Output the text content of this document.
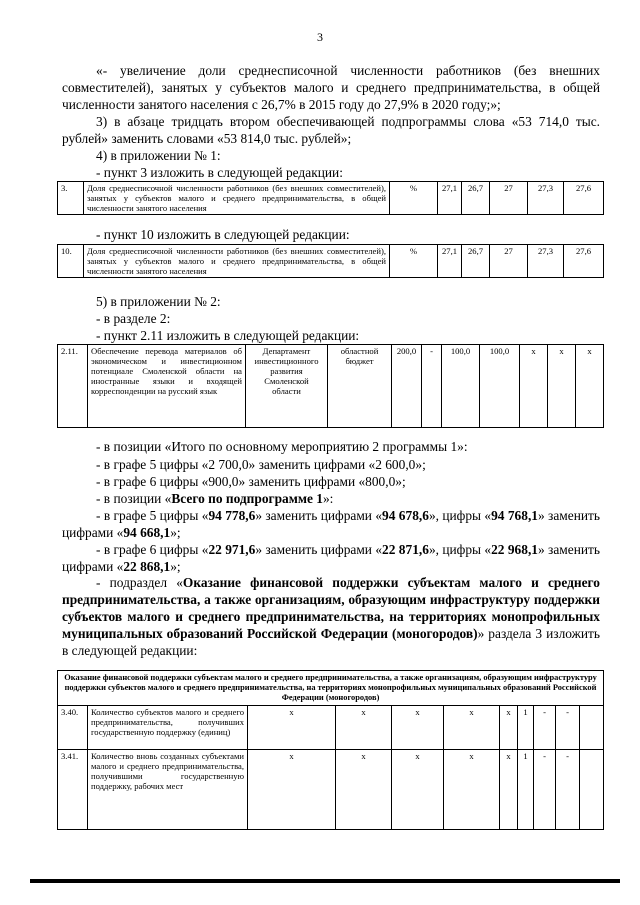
3
«- увеличение доли среднесписочной численности работников (без внешних совместителей), занятых у субъектов малого и среднего предпринимательства, в общей численности занятого населения с 26,7% в 2015 году до 27,9% в 2020 году;»;
3) в абзаце тридцать втором обеспечивающей подпрограммы слова «53 714,0 тыс. рублей» заменить словами «53 814,0 тыс. рублей»;
4) в приложении № 1:
- пункт 3 изложить в следующей редакции:
3.	Доля среднесписочной численности работников (без внешних совместителей), занятых у субъектов малого и среднего предпринимательства, в общей численности занятого населения	%	27,1	26,7	27	27,3	27,6
- пункт 10 изложить в следующей редакции:
10.	Доля среднесписочной численности работников (без внешних совместителей), занятых у субъектов малого и среднего предпринимательства, в общей численности занятого населения	%	27,1	26,7	27	27,3	27,6
5) в приложении № 2:
- в разделе 2:
- пункт 2.11 изложить в следующей редакции:
2.11.	Обеспечение перевода материалов об экономическом и инвестиционном потенциале Смоленской области на иностранные языки и входящей корреспонденции на русский язык	Департамент инвестиционного развития Смоленской области	областной бюджет	200,0	-	100,0	100,0	x	x	x
- в позиции «Итого по основному мероприятию 2 программы 1»:
- в графе 5 цифры «2 700,0» заменить цифрами «2 600,0»;
- в графе 6 цифры «900,0» заменить цифрами «800,0»;
- в позиции «Всего по подпрограмме 1»:
- в графе 5 цифры «94 778,6» заменить цифрами «94 678,6», цифры «94 768,1» заменить цифрами «94 668,1»;
- в графе 6 цифры «22 971,6» заменить цифрами «22 871,6», цифры «22 968,1» заменить цифрами «22 868,1»;
- подраздел «Оказание финансовой поддержки субъектам малого и среднего предпринимательства, а также организациям, образующим инфраструктуру поддержки субъектов малого и среднего предпринимательства, на территориях монопрофильных муниципальных образований Российской Федерации (моногородов)» раздела 3 изложить в следующей редакции:
Оказание финансовой поддержки субъектам малого и среднего предпринимательства, а также организациям, образующим инфраструктуру поддержки субъектов малого и среднего предпринимательства, на территориях монопрофильных муниципальных образований Российской Федерации (моногородов)										
3.40.	Количество субъектов малого и среднего предпринимательства, получивших государственную поддержку (единиц)	x	x	x	x	x	1	-	-	
3.41.	Количество вновь созданных субъектами малого и среднего предпринимательства, получившими государственную поддержку, рабочих мест	x	x	x	x	x	1	-	-	
